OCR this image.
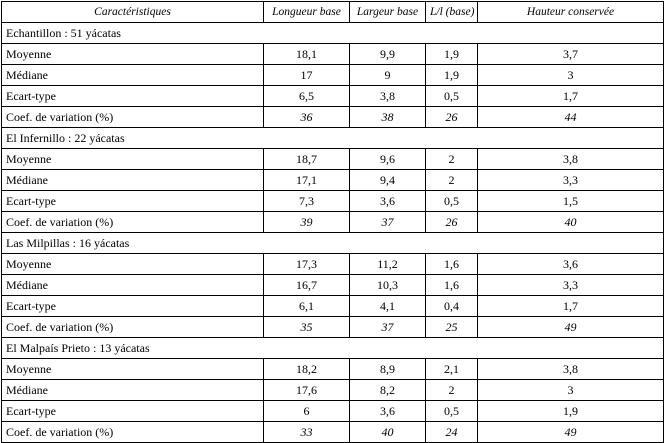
Caractéristiques	Longueur base	Largeur base	L/l (base)	Hauteur conservée
Echantillon : 51 yácatas				
Moyenne	18,1	9,9	1,9	3,7
Médiane	17	9	1,9	3
Ecart-type	6,5	3,8	0,5	1,7
Coef. de variation (%)	36	38	26	44
El Infernillo : 22 yácatas				
Moyenne	18,7	9,6	2	3,8
Médiane	17,1	9,4	2	3,3
Ecart-type	7,3	3,6	0,5	1,5
Coef. de variation (%)	39	37	26	40
Las Milpillas : 16 yácatas				
Moyenne	17,3	11,2	1,6	3,6
Médiane	16,7	10,3	1,6	3,3
Ecart-type	6,1	4,1	0,4	1,7
Coef. de variation (%)	35	37	25	49
El Malpaís Prieto : 13 yácatas				
Moyenne	18,2	8,9	2,1	3,8
Médiane	17,6	8,2	2	3
Ecart-type	6	3,6	0,5	1,9
Coef. de variation (%)	33	40	24	49
